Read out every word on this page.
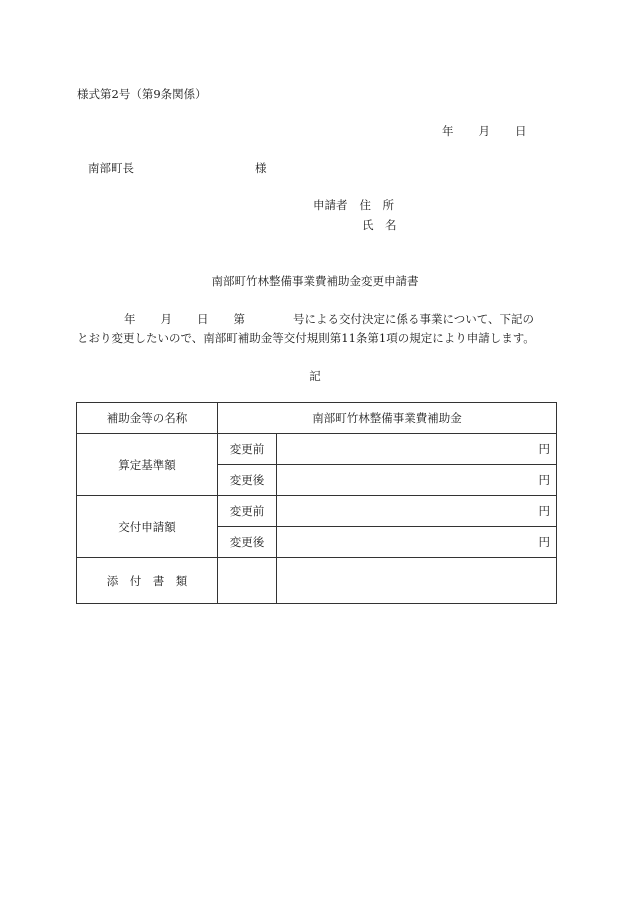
様式第2号（第9条関係）
年 月 日
南部町長	様
申請者 住　所
氏　名
南部町竹林整備事業費補助金変更申請書
年 月 日 第	号による交付決定に係る事業について、下記の
とおり変更したいので、南部町補助金等交付規則第11条第1項の規定により申請します。
記
補助金等の名称	南部町竹林整備事業費補助金	
算定基準額	変更前	円
	変更後	円
交付申請額	変更前	円
	変更後	円
添　付　書　類		
